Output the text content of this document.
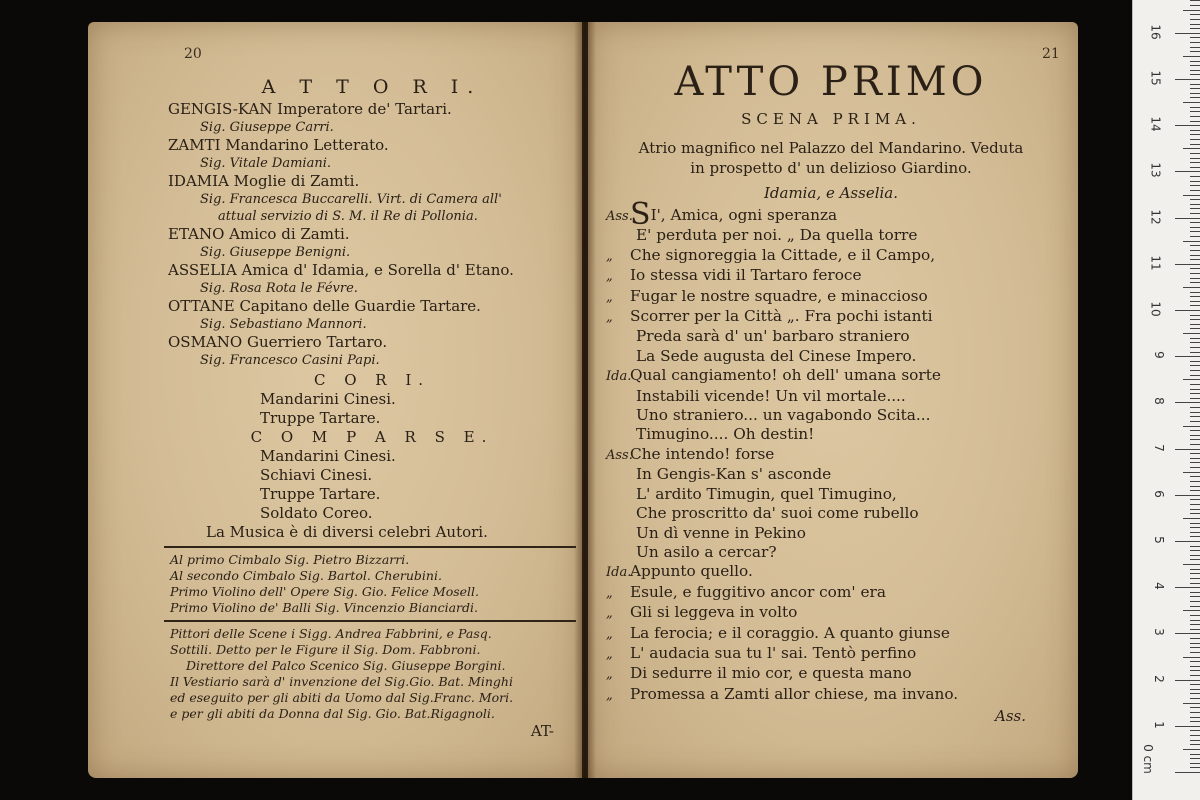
20
A T T O R I.
GENGIS-KAN Imperatore de' Tartari.
Sig. Giuseppe Carri.
ZAMTI Mandarino Letterato.
Sig. Vitale Damiani.
IDAMIA Moglie di Zamti.
Sig. Francesca Buccarelli. Virt. di Camera all'
attual servizio di S. M. il Re di Pollonia.
ETANO Amico di Zamti.
Sig. Giuseppe Benigni.
ASSELIA Amica d' Idamia, e Sorella d' Etano.
Sig. Rosa Rota le Févre.
OTTANE Capitano delle Guardie Tartare.
Sig. Sebastiano Mannori.
OSMANO Guerriero Tartaro.
Sig. Francesco Casini Papi.
C O R I.
Mandarini Cinesi.
Truppe Tartare.
C O M P A R S E.
Mandarini Cinesi.
Schiavi Cinesi.
Truppe Tartare.
Soldato Coreo.
La Musica è di diversi celebri Autori.
Al primo Cimbalo Sig. Pietro Bizzarri.
Al secondo Cimbalo Sig. Bartol. Cherubini.
Primo Violino dell' Opere Sig. Gio. Felice Mosell.
Primo Violino de' Balli Sig. Vincenzio Bianciardi.
Pittori delle Scene i Sigg. Andrea Fabbrini, e Pasq.
Sottili. Detto per le Figure il Sig. Dom. Fabbroni.
Direttore del Palco Scenico Sig. Giuseppe Borgini.
Il Vestiario sarà d' invenzione del Sig.Gio. Bat. Minghi
ed eseguito per gli abiti da Uomo dal Sig.Franc. Mori.
e per gli abiti da Donna dal Sig. Gio. Bat.Rigagnoli.
AT-
21
ATTO PRIMO
SCENA PRIMA.
Atrio magnifico nel Palazzo del Mandarino. Veduta
in prospetto d' un delizioso Giardino.
Idamia, e Asselia.
Ass.SI', Amica, ogni speranza
E' perduta per noi. „ Da quella torre
„ Che signoreggia la Cittade, e il Campo,
„ Io stessa vidi il Tartaro feroce
„ Fugar le nostre squadre, e minaccioso
„ Scorrer per la Città „. Fra pochi istanti
Preda sarà d' un' barbaro straniero
La Sede augusta del Cinese Impero.
Ida.Qual cangiamento! oh dell' umana sorte
Instabili vicende! Un vil mortale....
Uno straniero... un vagabondo Scita...
Timugino.... Oh destin!
Ass.Che intendo! forse
In Gengis-Kan s' asconde
L' ardito Timugin, quel Timugino,
Che proscritto da' suoi come rubello
Un dì venne in Pekino
Un asilo a cercar?
Ida.Appunto quello.
„ Esule, e fuggitivo ancor com' era
„ Gli si leggeva in volto
„ La ferocia; e il coraggio. A quanto giunse
„ L' audacia sua tu l' sai. Tentò perfino
„ Di sedurre il mio cor, e questa mano
„ Promessa a Zamti allor chiese, ma invano.
Ass.
0 cm
1
2
3
4
5
6
7
8
9
10
11
12
13
14
15
16
